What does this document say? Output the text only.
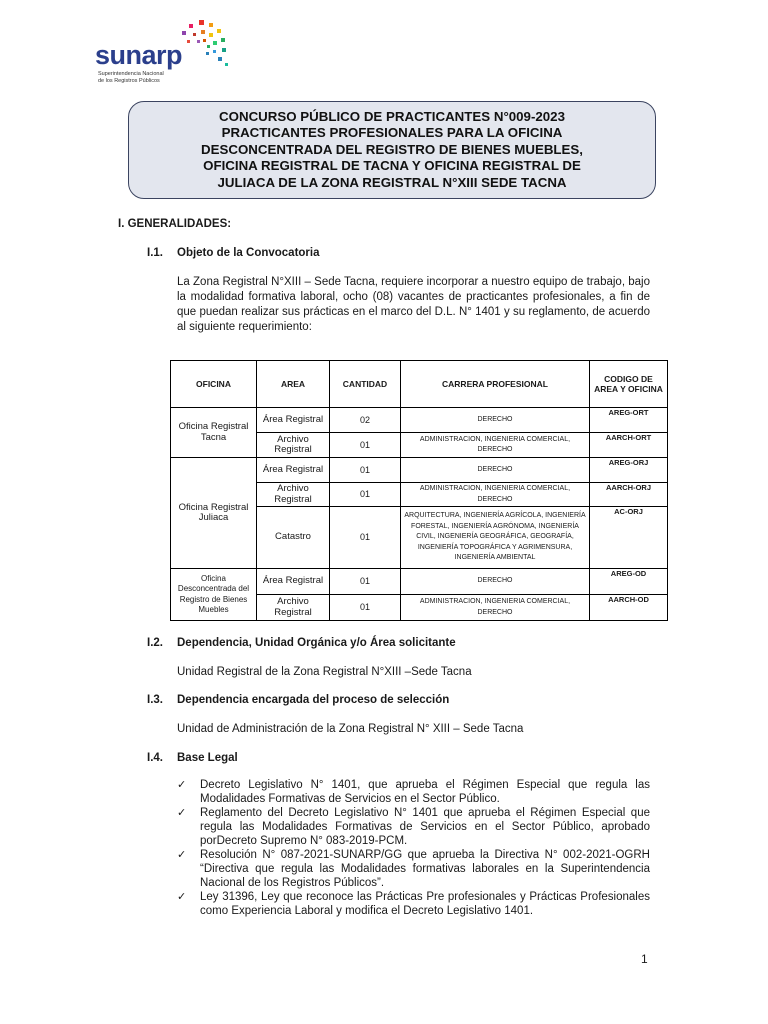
sunarp
Superintendencia Nacional
de los Registros Públicos
CONCURSO PÚBLICO DE PRACTICANTES N°009-2023
PRACTICANTES PROFESIONALES PARA LA OFICINA
DESCONCENTRADA DEL REGISTRO DE BIENES MUEBLES,
OFICINA REGISTRAL DE TACNA Y OFICINA REGISTRAL DE
JULIACA DE LA ZONA REGISTRAL N°XIII SEDE TACNA
I. GENERALIDADES:
I.1. Objeto de la Convocatoria
La Zona Registral N°XIII – Sede Tacna, requiere incorporar a nuestro equipo de trabajo, bajo la modalidad formativa laboral, ocho (08) vacantes de practicantes profesionales, a fin de que puedan realizar sus prácticas en el marco del D.L. N° 1401 y su reglamento, de acuerdo al siguiente requerimiento:
OFICINA	AREA	CANTIDAD	CARRERA PROFESIONAL	CODIGO DE AREA Y OFICINA
Oficina Registral Tacna	Área Registral	02	DERECHO	AREG-ORT
	Archivo Registral	01	ADMINISTRACION, INGENIERIA COMERCIAL, DERECHO	AARCH-ORT
Oficina Registral Juliaca	Área Registral	01	DERECHO	AREG-ORJ
	Archivo Registral	01	ADMINISTRACION, INGENIERIA COMERCIAL, DERECHO	AARCH-ORJ
	Catastro	01	ARQUITECTURA, INGENIERÍA AGRÍCOLA, INGENIERÍA FORESTAL, INGENIERÍA AGRÓNOMA, INGENIERÍA CIVIL, INGENIERÍA GEOGRÁFICA, GEOGRAFÍA, INGENIERÍA TOPOGRÁFICA Y AGRIMENSURA, INGENIERÍA AMBIENTAL	AC-ORJ
Oficina Desconcentrada del Registro de Bienes Muebles	Área Registral	01	DERECHO	AREG-OD
	Archivo Registral	01	ADMINISTRACION, INGENIERIA COMERCIAL, DERECHO	AARCH-OD
I.2. Dependencia, Unidad Orgánica y/o Área solicitante
Unidad Registral de la Zona Registral N°XIII –Sede Tacna
I.3. Dependencia encargada del proceso de selección
Unidad de Administración de la Zona Registral N° XIII – Sede Tacna
I.4. Base Legal
✓ Decreto Legislativo N° 1401, que aprueba el Régimen Especial que regula las Modalidades Formativas de Servicios en el Sector Público.
✓ Reglamento del Decreto Legislativo N° 1401 que aprueba el Régimen Especial que regula las Modalidades Formativas de Servicios en el Sector Público, aprobado porDecreto Supremo N° 083-2019-PCM.
✓ Resolución N° 087-2021-SUNARP/GG que aprueba la Directiva N° 002-2021-OGRH “Directiva que regula las Modalidades formativas laborales en la Superintendencia Nacional de los Registros Públicos”.
✓ Ley 31396, Ley que reconoce las Prácticas Pre profesionales y Prácticas Profesionales como Experiencia Laboral y modifica el Decreto Legislativo 1401.
1
